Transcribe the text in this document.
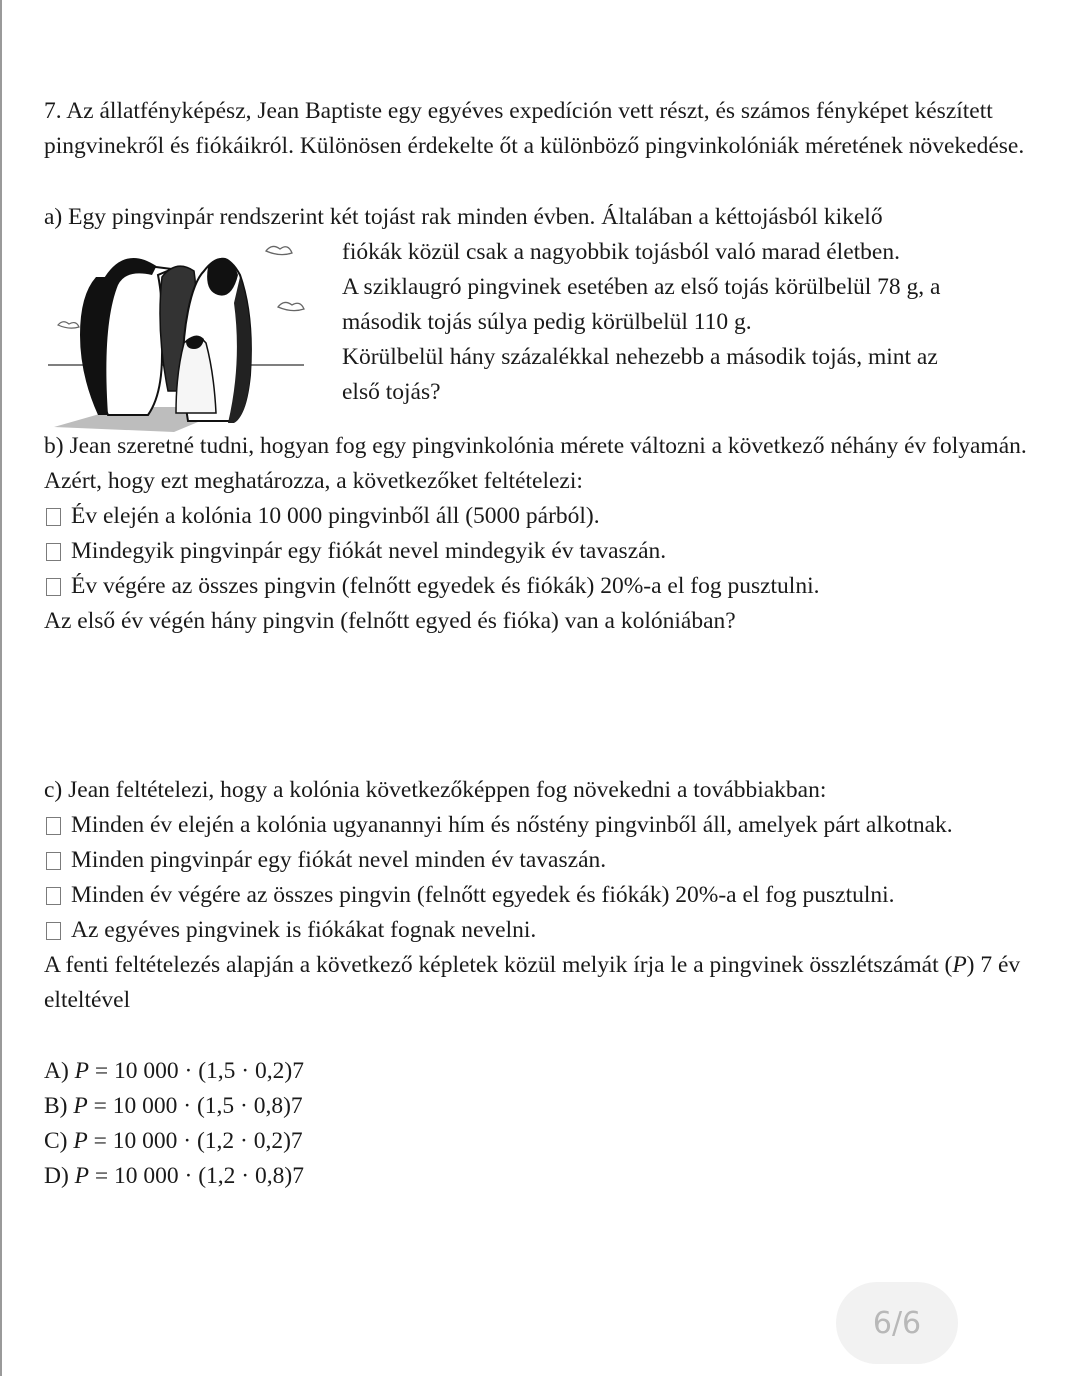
7. Az állatfényképész, Jean Baptiste egy egyéves expedíción vett részt, és számos fényképet készített pingvinekről és fiókáikról. Különösen érdekelte őt a különböző pingvinkolóniák méretének növekedése.

a) Egy pingvinpár rendszerint két tojást rak minden évben. Általában a kéttojásból kikelő

fiókák közül csak a nagyobbik tojásból való marad életben.

A sziklaugró pingvinek esetében az első tojás körülbelül 78 g, a

második tojás súlya pedig körülbelül 110 g.

Körülbelül hány százalékkal nehezebb a második tojás, mint az

első tojás?

b) Jean szeretné tudni, hogyan fog egy pingvinkolónia mérete változni a következő néhány év folyamán. Azért, hogy ezt meghatározza, a következőket feltételezi:

Év elején a kolónia 10 000 pingvinből áll (5000 párból).
Mindegyik pingvinpár egy fiókát nevel mindegyik év tavaszán.
Év végére az összes pingvin (felnőtt egyedek és fiókák) 20%-a el fog pusztulni.

Az első év végén hány pingvin (felnőtt egyed és fióka) van a kolóniában?

c) Jean feltételezi, hogy a kolónia következőképpen fog növekedni a továbbiakban:

Minden év elején a kolónia ugyanannyi hím és nőstény pingvinből áll, amelyek párt alkotnak.
Minden pingvinpár egy fiókát nevel minden év tavaszán.
Minden év végére az összes pingvin (felnőtt egyedek és fiókák) 20%-a el fog pusztulni.
Az egyéves pingvinek is fiókákat fognak nevelni.

A fenti feltételezés alapján a következő képletek közül melyik írja le a pingvinek összlétszámát (P) 7 év elteltével

A) P = 10 000 · (1,5 · 0,2)7
B) P = 10 000 · (1,5 · 0,8)7
C) P = 10 000 · (1,2 · 0,2)7
D) P = 10 000 · (1,2 · 0,8)7
6/6
